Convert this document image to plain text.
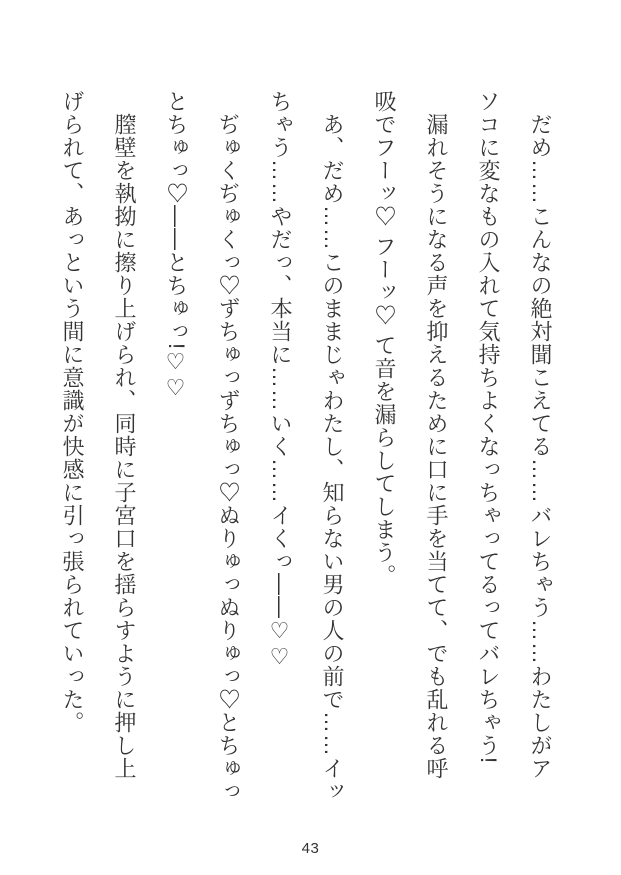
だめ……こんなの絶対聞こえてる……バレちゃう……わたしがア
ソコに変なもの入れて気持ちよくなっちゃってるってバレちゃう!
漏れそうになる声を抑えるために口に手を当てて、でも乱れる呼
吸でフーッ♡ フーッ♡ て音を漏らしてしまう。
あ、だめ……このままじゃわたし、知らない男の人の前で……イッ
ちゃう……やだっ、本当に……いく……イくっ――♡♡
ぢゅくぢゅくっ♡ずちゅっずちゅっ♡ぬりゅっぬりゅっ♡とちゅっ
とちゅっ♡――とちゅっ!♡♡
膣壁を執拗に擦り上げられ、同時に子宮口を揺らすように押し上
げられて、あっという間に意識が快感に引っ張られていった。
43
